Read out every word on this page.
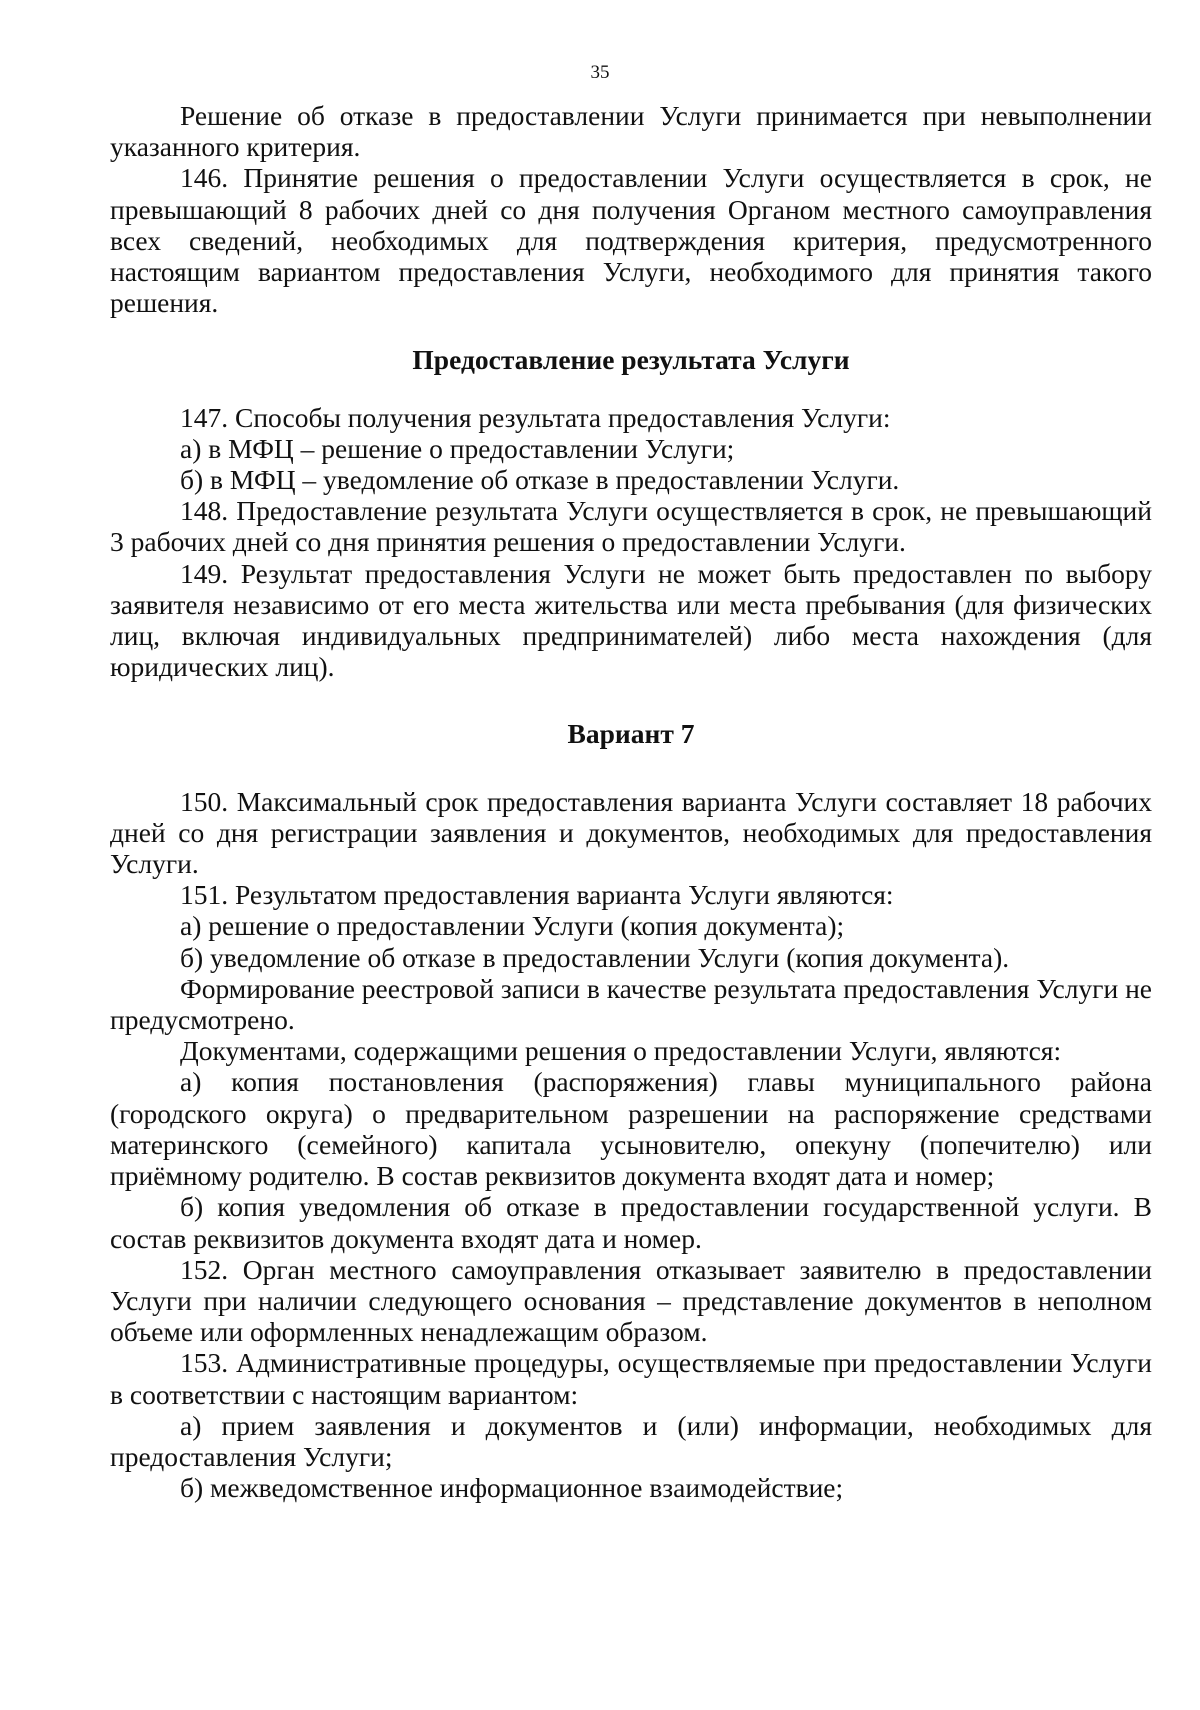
35

Решение об отказе в предоставлении Услуги принимается при невыполнении указанного критерия.

146. Принятие решения о предоставлении Услуги осуществляется в срок, не превышающий 8 рабочих дней со дня получения Органом местного самоуправления всех сведений, необходимых для подтверждения критерия, предусмотренного настоящим вариантом предоставления Услуги, необходимого для принятия такого решения.

Предоставление результата Услуги

147. Способы получения результата предоставления Услуги:

а) в МФЦ – решение о предоставлении Услуги;

б) в МФЦ – уведомление об отказе в предоставлении Услуги.

148. Предоставление результата Услуги осуществляется в срок, не превышающий 3 рабочих дней со дня принятия решения о предоставлении Услуги.

149. Результат предоставления Услуги не может быть предоставлен по выбору заявителя независимо от его места жительства или места пребывания (для физических лиц, включая индивидуальных предпринимателей) либо места нахождения (для юридических лиц).

Вариант 7

150. Максимальный срок предоставления варианта Услуги составляет 18 рабочих дней со дня регистрации заявления и документов, необходимых для предоставления Услуги.

151. Результатом предоставления варианта Услуги являются:

а) решение о предоставлении Услуги (копия документа);

б) уведомление об отказе в предоставлении Услуги (копия документа).

Формирование реестровой записи в качестве результата предоставления Услуги не предусмотрено.

Документами, содержащими решения о предоставлении Услуги, являются:

а) копия постановления (распоряжения) главы муниципального района (городского округа) о предварительном разрешении на распоряжение средствами материнского (семейного) капитала усыновителю, опекуну (попечителю) или приёмному родителю. В состав реквизитов документа входят дата и номер;

б) копия уведомления об отказе в предоставлении государственной услуги. В состав реквизитов документа входят дата и номер.

152. Орган местного самоуправления отказывает заявителю в предоставлении Услуги при наличии следующего основания – представление документов в неполном объеме или оформленных ненадлежащим образом.

153. Административные процедуры, осуществляемые при предоставлении Услуги в соответствии с настоящим вариантом:

а) прием заявления и документов и (или) информации, необходимых для предоставления Услуги;

б) межведомственное информационное взаимодействие;
